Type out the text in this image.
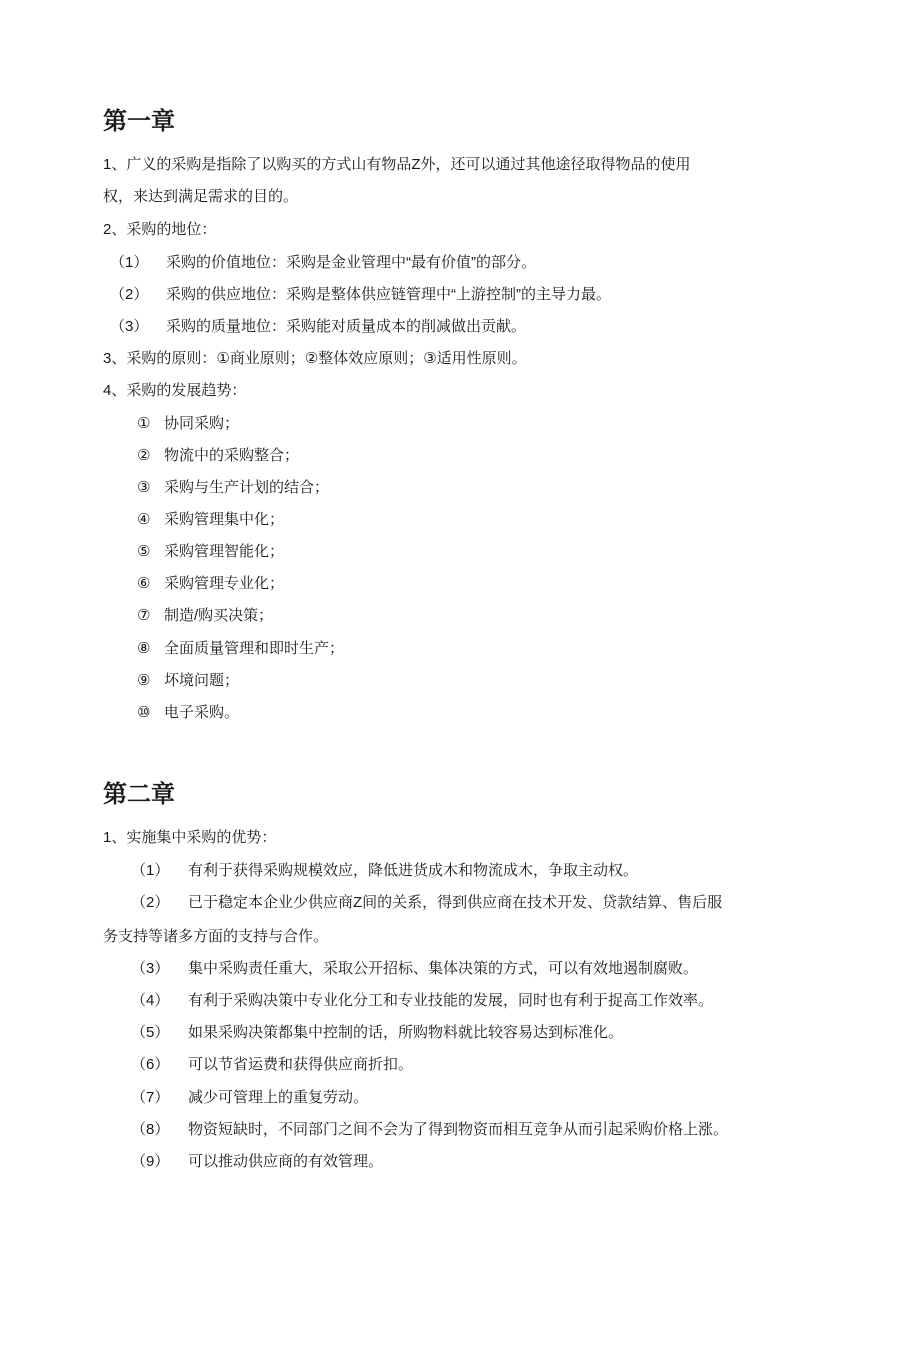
第一章
1、广义的采购是指除了以购买的方式山有物品Z外，还可以通过其他途径取得物品的使用
权，来达到满足需求的目的。
2、采购的地位：
（1） 采购的价值地位：采购是金业管理中“最有价值”的部分。
（2） 采购的供应地位：采购是整体供应链管理中“上游控制”的主导力最。
（3） 采购的质量地位：采购能对质量成本的削减做出贡献。
3、采购的原则：①商业原则；②整体效应原则；③适用性原则。
4、采购的发展趋势：
① 协同采购；
② 物流中的采购整合；
③ 采购与生产计划的结合；
④ 采购管理集中化；
⑤ 采购管理智能化；
⑥ 采购管理专业化；
⑦ 制造/购买决策；
⑧ 全面质量管理和即时生产；
⑨ 坏境问题；
⑩ 电子采购。
第二章
1、实施集中采购的优势：
（1） 有利于获得采购规模效应，降低进货成木和物流成木，争取主动权。
（2） 已于稳定本企业少供应商Z间的关系，得到供应商在技术开发、贷款结算、售后服
务支持等诸多方面的支持与合作。
（3） 集中采购责任重大，采取公开招标、集体决策的方式，可以有效地遏制腐败。
（4） 有利于采购决策中专业化分工和专业技能的发展，同时也有利于捉高工作效率。
（5） 如果采购决策都集中控制的话，所购物料就比较容易达到标准化。
（6） 可以节省运费和获得供应商折扣。
（7） 减少可管理上的重复劳动。
（8） 物资短缺时，不同部门之间不会为了得到物资而相互竞争从而引起采购价格上涨。
（9） 可以推动供应商的有效管理。
